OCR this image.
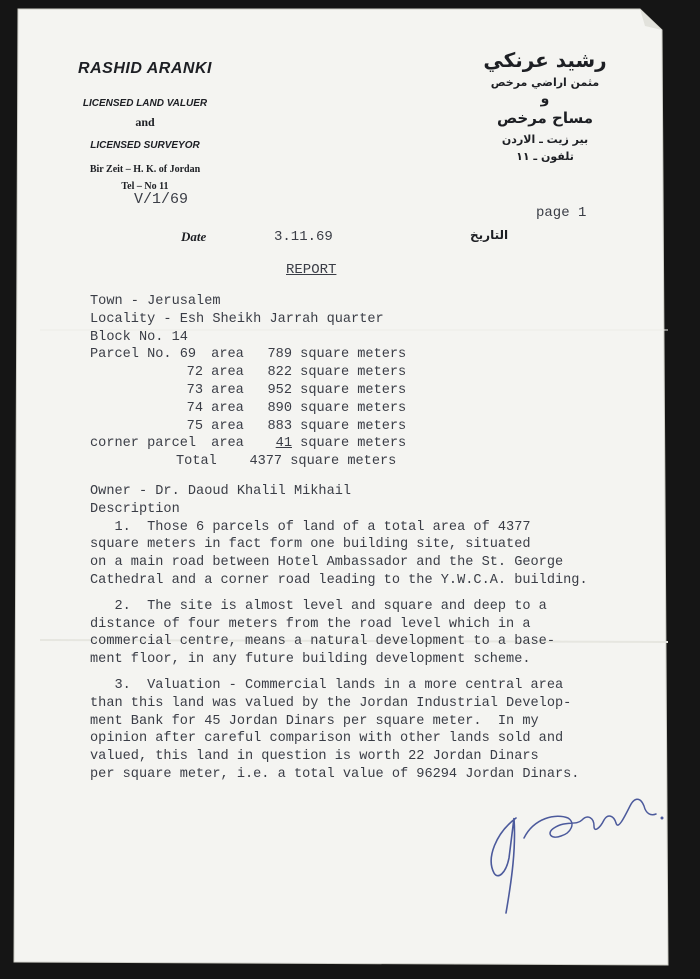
RASHID ARANKI
LICENSED LAND VALUER
and
LICENSED SURVEYOR
Bir Zeit – H. K. of Jordan
Tel – No 11
رشيد عرنكي
مثمن اراضي مرخص
و
مساح مرخص
بير زيت ـ الاردن
تلفون ـ ١١
V/1/69
page 1
Date	3.11.69	التاريخ
REPORT
Town - Jerusalem
Locality - Esh Sheikh Jarrah quarter
Block No. 14
Parcel No. 69 area 789 square meters
72 area 822 square meters
73 area 952 square meters
74 area 890 square meters
75 area 883 square meters
corner parcel area 41 square meters
Total 4377 square meters
Owner - Dr. Daoud Khalil Mikhail
Description
1.  Those 6 parcels of land of a total area of 4377
square meters in fact form one building site, situated
on a main road between Hotel Ambassador and the St. George
Cathedral and a corner road leading to the Y.W.C.A. building.
2.  The site is almost level and square and deep to a
distance of four meters from the road level which in a
commercial centre, means a natural development to a base-
ment floor, in any future building development scheme.
3.  Valuation - Commercial lands in a more central area
than this land was valued by the Jordan Industrial Develop-
ment Bank for 45 Jordan Dinars per square meter.  In my
opinion after careful comparison with other lands sold and
valued, this land in question is worth 22 Jordan Dinars
per square meter, i.e. a total value of 96294 Jordan Dinars.
